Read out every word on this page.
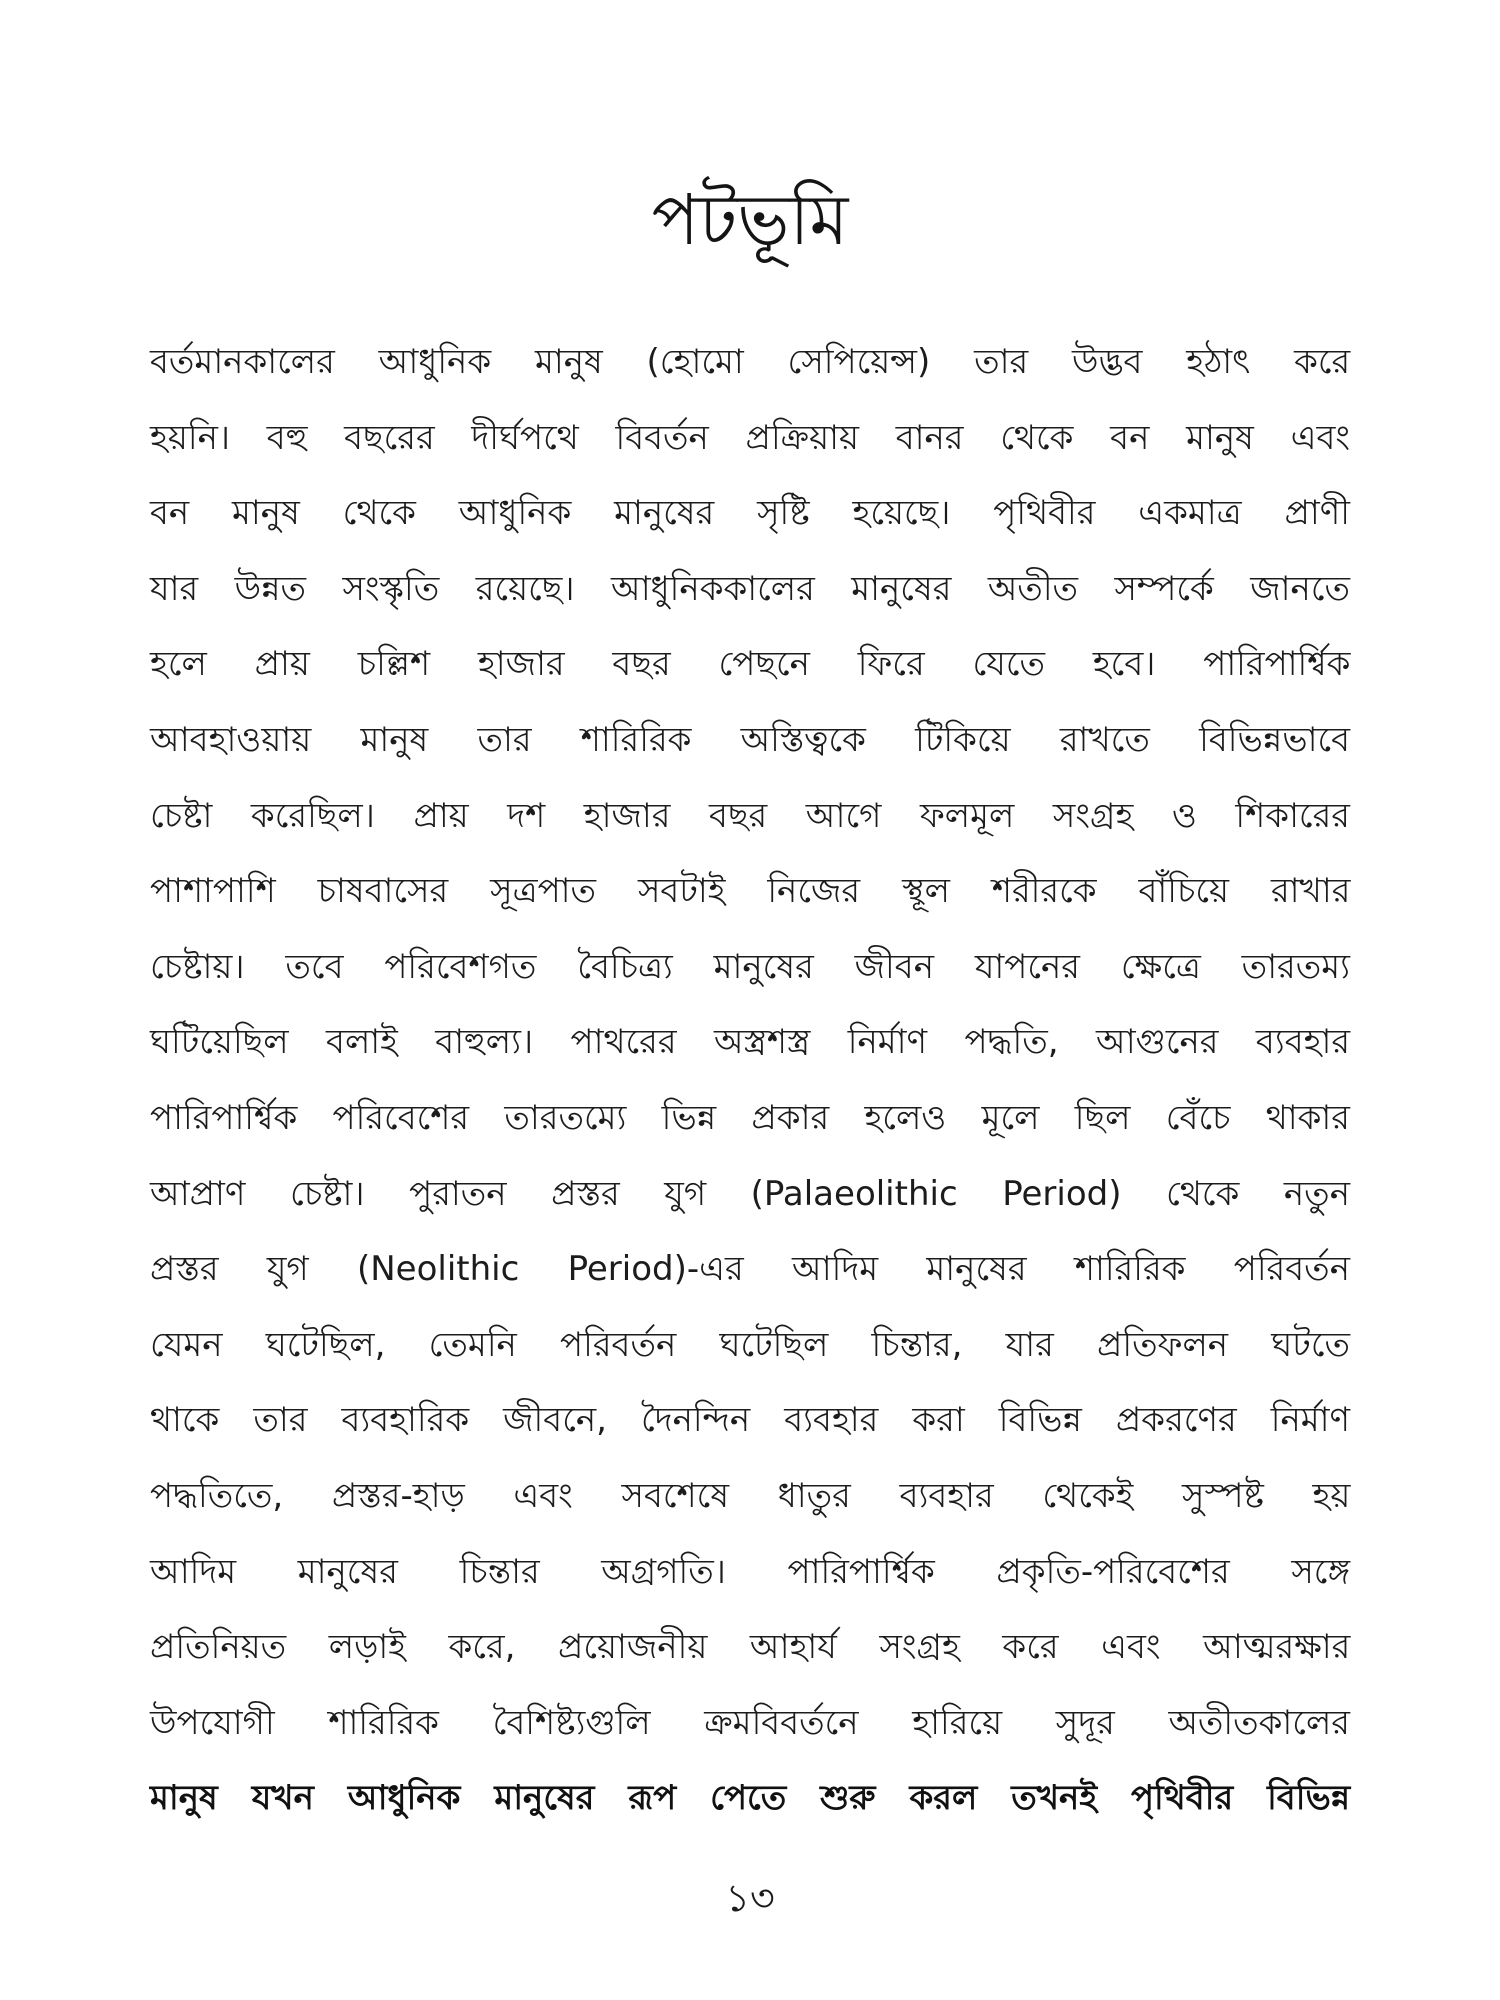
পটভূমি
বর্তমানকালের আধুনিক মানুষ (হোমো সেপিয়েন্স) তার উদ্ভব হঠাৎ করে
হয়নি। বহু বছরের দীর্ঘপথে বিবর্তন প্রক্রিয়ায় বানর থেকে বন মানুষ এবং
বন মানুষ থেকে আধুনিক মানুষের সৃষ্টি হয়েছে। পৃথিবীর একমাত্র প্রাণী
যার উন্নত সংস্কৃতি রয়েছে। আধুনিককালের মানুষের অতীত সম্পর্কে জানতে
হলে প্রায় চল্লিশ হাজার বছর পেছনে ফিরে যেতে হবে। পারিপার্শ্বিক
আবহাওয়ায় মানুষ তার শারিরিক অস্তিত্বকে টিকিয়ে রাখতে বিভিন্নভাবে
চেষ্টা করেছিল। প্রায় দশ হাজার বছর আগে ফলমূল সংগ্রহ ও শিকারের
পাশাপাশি চাষবাসের সূত্রপাত সবটাই নিজের স্থূল শরীরকে বাঁচিয়ে রাখার
চেষ্টায়। তবে পরিবেশগত বৈচিত্র্য মানুষের জীবন যাপনের ক্ষেত্রে তারতম্য
ঘটিয়েছিল বলাই বাহুল্য। পাথরের অস্ত্রশস্ত্র নির্মাণ পদ্ধতি, আগুনের ব্যবহার
পারিপার্শ্বিক পরিবেশের তারতম্যে ভিন্ন প্রকার হলেও মূলে ছিল বেঁচে থাকার
আপ্রাণ চেষ্টা। পুরাতন প্রস্তর যুগ (Palaeolithic Period) থেকে নতুন
প্রস্তর যুগ (Neolithic Period)-এর আদিম মানুষের শারিরিক পরিবর্তন
যেমন ঘটেছিল, তেমনি পরিবর্তন ঘটেছিল চিন্তার, যার প্রতিফলন ঘটতে
থাকে তার ব্যবহারিক জীবনে, দৈনন্দিন ব্যবহার করা বিভিন্ন প্রকরণের নির্মাণ
পদ্ধতিতে, প্রস্তর-হাড় এবং সবশেষে ধাতুর ব্যবহার থেকেই সুস্পষ্ট হয়
আদিম মানুষের চিন্তার অগ্রগতি। পারিপার্শ্বিক প্রকৃতি-পরিবেশের সঙ্গে
প্রতিনিয়ত লড়াই করে, প্রয়োজনীয় আহার্য সংগ্রহ করে এবং আত্মরক্ষার
উপযোগী শারিরিক বৈশিষ্ট্যগুলি ক্রমবিবর্তনে হারিয়ে সুদূর অতীতকালের
মানুষ যখন আধুনিক মানুষের রূপ পেতে শুরু করল তখনই পৃথিবীর বিভিন্ন
১৩
